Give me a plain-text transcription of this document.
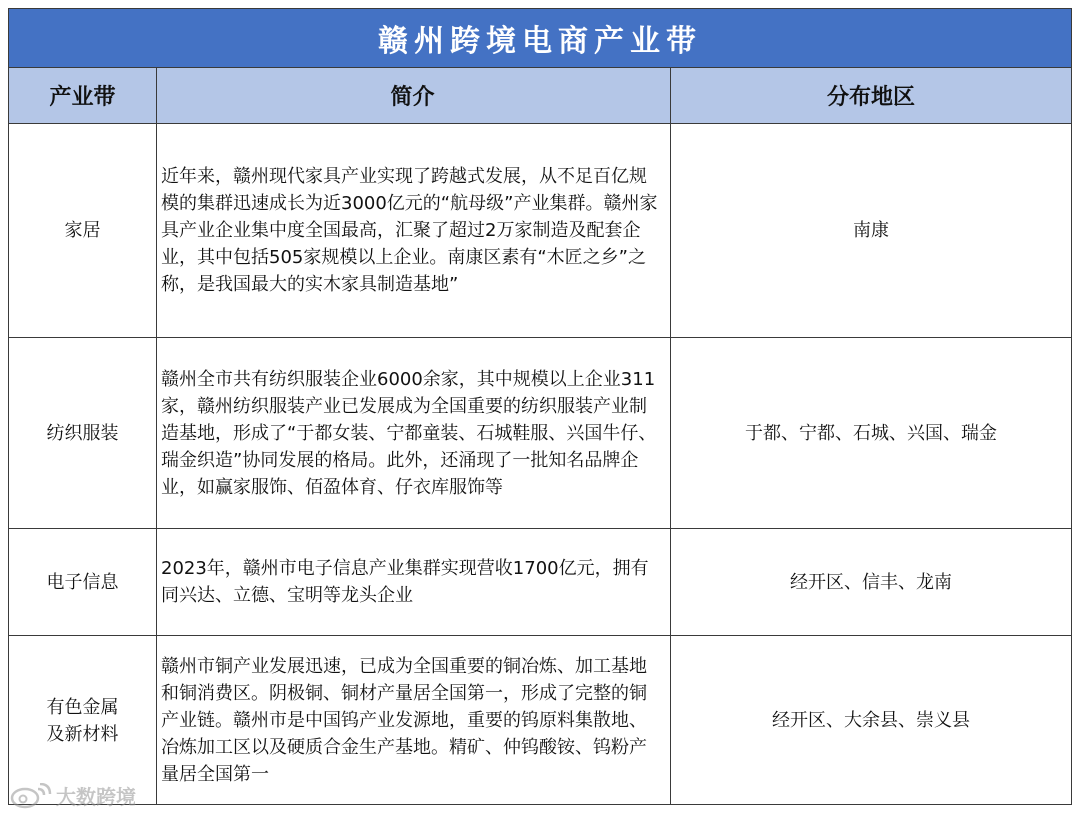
赣州跨境电商产业带
产业带	简介	分布地区
家居
近年来，赣州现代家具产业实现了跨越式发展，从不足百亿规模的集群迅速成长为近3000亿元的“航母级”产业集群。赣州家具产业企业集中度全国最高，汇聚了超过2万家制造及配套企业，其中包括505家规模以上企业。南康区素有“木匠之乡”之称，是我国最大的实木家具制造基地”
南康
纺织服装
赣州全市共有纺织服装企业6000余家，其中规模以上企业311家，赣州纺织服装产业已发展成为全国重要的纺织服装产业制造基地，形成了“于都女装、宁都童装、石城鞋服、兴国牛仔、瑞金织造”协同发展的格局。此外，还涌现了一批知名品牌企业，如赢家服饰、佰盈体育、仔衣库服饰等
于都、宁都、石城、兴国、瑞金
电子信息
2023年，赣州市电子信息产业集群实现营收1700亿元，拥有同兴达、立德、宝明等龙头企业
经开区、信丰、龙南
有色金属及新材料
赣州市铜产业发展迅速，已成为全国重要的铜冶炼、加工基地和铜消费区。阴极铜、铜材产量居全国第一，形成了完整的铜产业链。赣州市是中国钨产业发源地，重要的钨原料集散地、冶炼加工区以及硬质合金生产基地。精矿、仲钨酸铵、钨粉产量居全国第一
经开区、大余县、崇义县
大数跨境
